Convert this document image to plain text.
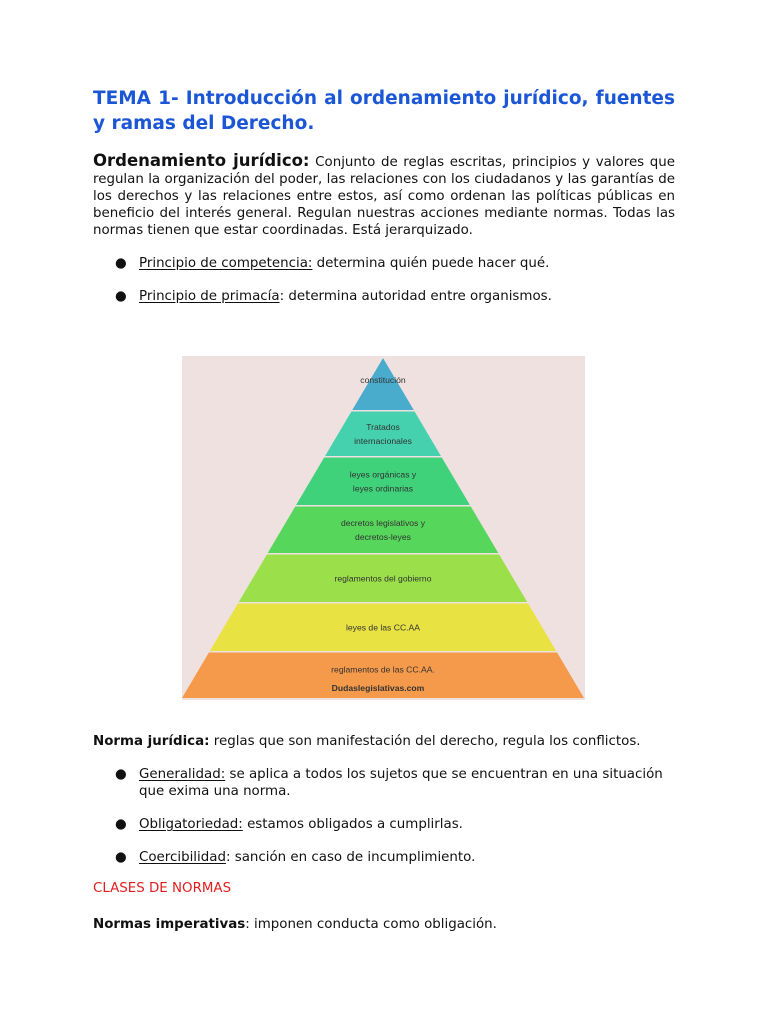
TEMA 1- Introducción al ordenamiento jurídico, fuentes y ramas del Derecho.

Ordenamiento jurídico: Conjunto de reglas escritas, principios y valores que regulan la organización del poder, las relaciones con los ciudadanos y las garantías de los derechos y las relaciones entre estos, así como ordenan las políticas públicas en beneficio del interés general. Regulan nuestras acciones mediante normas. Todas las normas tienen que estar coordinadas. Está jerarquizado.

● Principio de competencia: determina quién puede hacer qué.
● Principio de primacía: determina autoridad entre organismos.
constitución
Tratados
internacionales
leyes orgánicas y
leyes ordinarias
decretos legislativos y
decretos-leyes
reglamentos del gobierno
leyes de las CC.AA
reglamentos de las CC.AA.
Dudaslegislativas.com

Norma jurídica: reglas que son manifestación del derecho, regula los conflictos.

● Generalidad: se aplica a todos los sujetos que se encuentran en una situación que exima una norma.
● Obligatoriedad: estamos obligados a cumplirlas.
● Coercibilidad: sanción en caso de incumplimiento.

CLASES DE NORMAS

Normas imperativas: imponen conducta como obligación.
